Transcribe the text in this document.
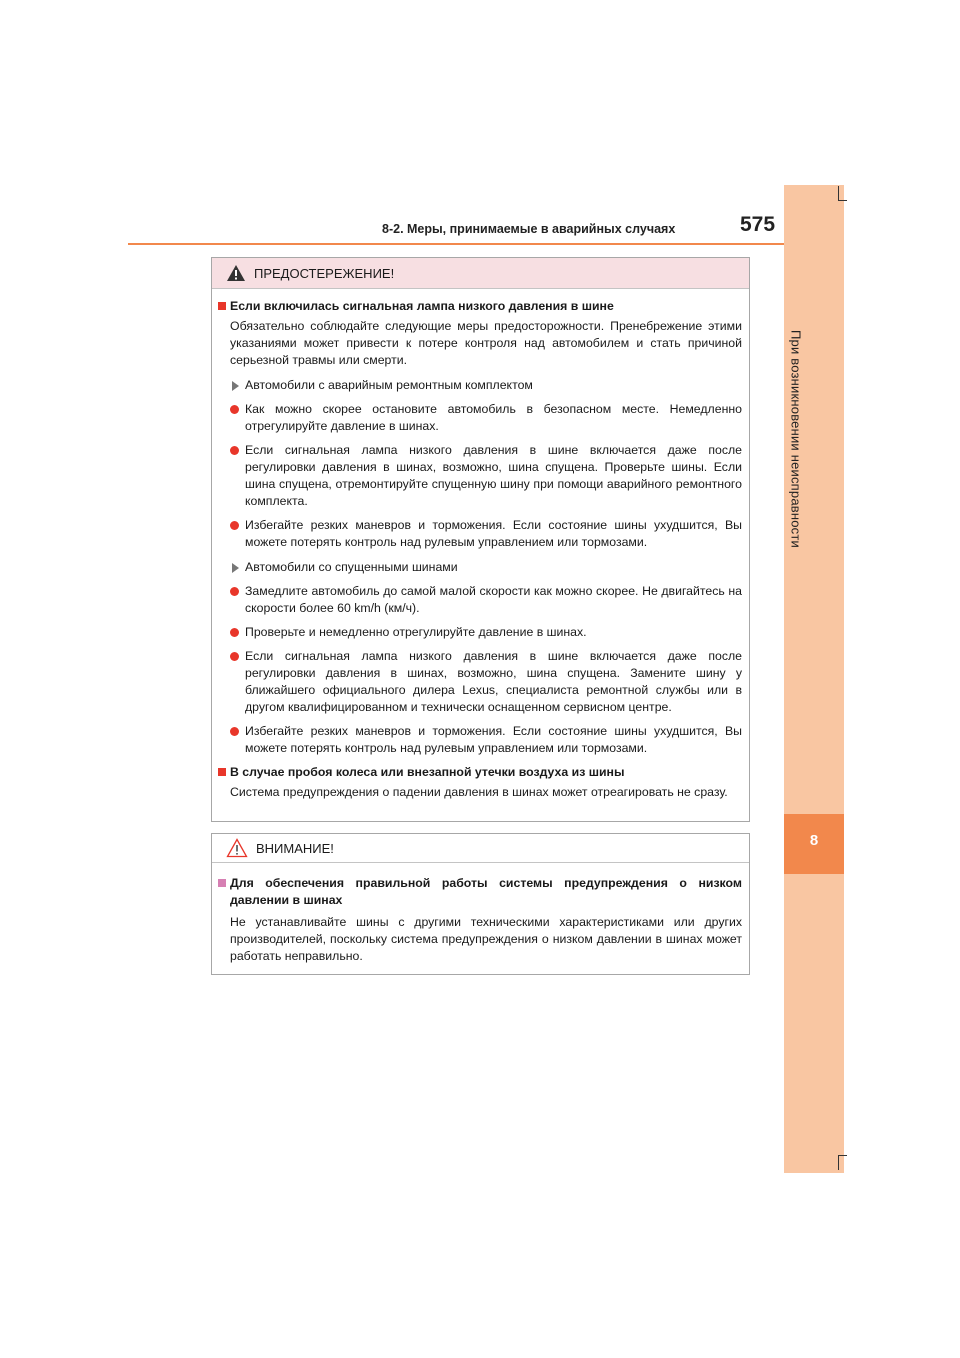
При возникновении неисправности
8
8-2. Меры, принимаемые в аварийных случаях	575
ПРЕДОСТЕРЕЖЕНИЕ!
Если включилась сигнальная лампа низкого давления в шине
Обязательно соблюдайте следующие меры предосторожности. Пренебрежение этими указаниями может привести к потере контроля над автомобилем и стать причиной серьезной травмы или смерти.
Автомобили с аварийным ремонтным комплектом
Как можно скорее остановите автомобиль в безопасном месте. Немедленно отрегулируйте давление в шинах.
Если сигнальная лампа низкого давления в шине включается даже после регулировки давления в шинах, возможно, шина спущена. Проверьте шины. Если шина спущена, отремонтируйте спущенную шину при помощи аварийного ремонтного комплекта.
Избегайте резких маневров и торможения. Если состояние шины ухудшится, Вы можете потерять контроль над рулевым управлением или тормозами.
Автомобили со спущенными шинами
Замедлите автомобиль до самой малой скорости как можно скорее. Не двигайтесь на скорости более 60 km/h (км/ч).
Проверьте и немедленно отрегулируйте давление в шинах.
Если сигнальная лампа низкого давления в шине включается даже после регулировки давления в шинах, возможно, шина спущена. Замените шину у ближайшего официального дилера Lexus, специалиста ремонтной службы или в другом квалифицированном и технически оснащенном сервисном центре.
Избегайте резких маневров и торможения. Если состояние шины ухудшится, Вы можете потерять контроль над рулевым управлением или тормозами.
В случае пробоя колеса или внезапной утечки воздуха из шины
Система предупреждения о падении давления в шинах может отреагировать не сразу.
ВНИМАНИЕ!
Для обеспечения правильной работы системы предупреждения о низком давлении в шинах
Не устанавливайте шины с другими техническими характеристиками или других производителей, поскольку система предупреждения о низком давлении в шинах может работать неправильно.
